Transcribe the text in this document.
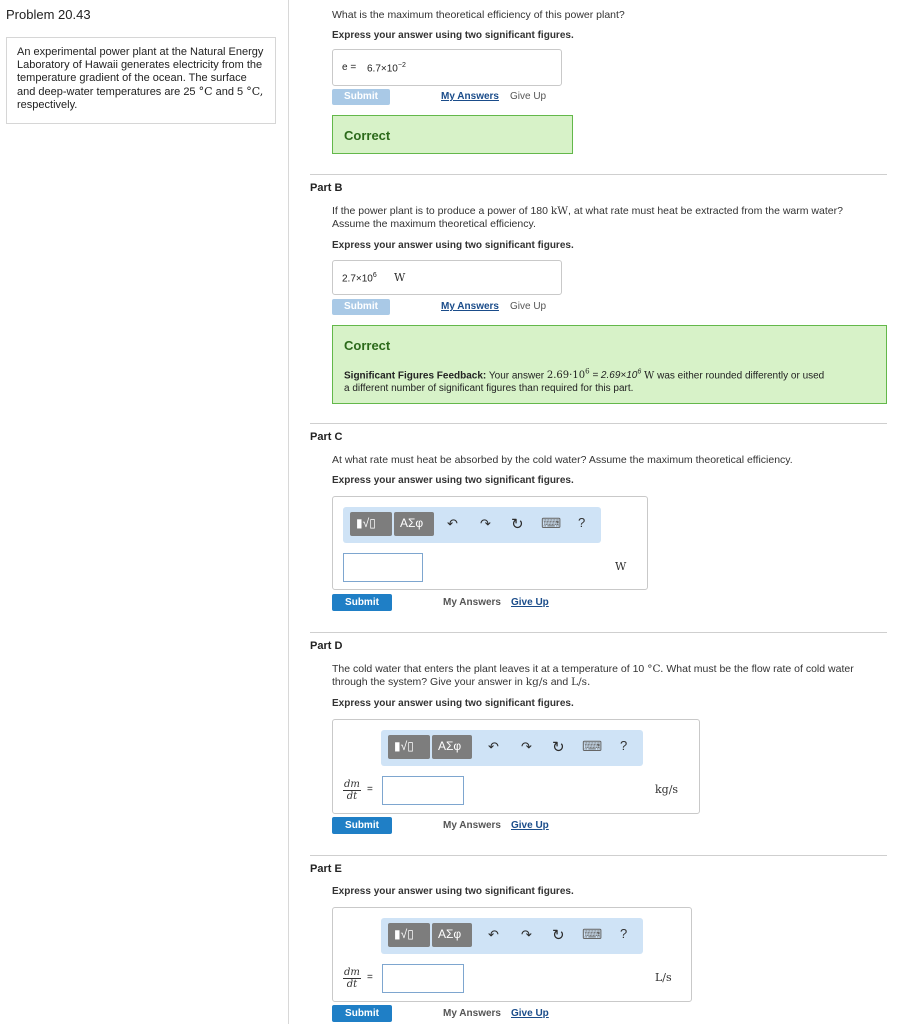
Problem 20.43
An experimental power plant at the Natural Energy Laboratory of Hawaii generates electricity from the temperature gradient of the ocean. The surface and deep-water temperatures are 25 °C and 5 °C, respectively.
What is the maximum theoretical efficiency of this power plant?
Express your answer using two significant figures.
$e = 6.7\times 10^{-2}$
Submit	My Answers Give Up
Correct
Part B
If the power plant is to produce a power of 180 kW, at what rate must heat be extracted from the warm water?
Assume the maximum theoretical efficiency.
Express your answer using two significant figures.
$2.7\times 10^6$ W
Submit	My Answers Give Up
Correct
Significant Figures Feedback: Your answer $2.69\cdot 10^6 = 2.69\times 10^6$ W was either rounded differently or used
a different number of significant figures than required for this part.
Part C
At what rate must heat be absorbed by the cold water? Assume the maximum theoretical efficiency.
Express your answer using two significant figures.
▮√▯ ΑΣφ ↶ ↷ ↻ ⌨ ?
W
Submit	My Answers Give Up
Part D
The cold water that enters the plant leaves it at a temperature of 10 °C. What must be the flow rate of cold water
through the system? Give your answer in kg/s and L/s.
Express your answer using two significant figures.
▮√▯ ΑΣφ ↶ ↷ ↻ ⌨ ?
dm
dt
=	kg/s
Submit	My Answers Give Up
Part E
Express your answer using two significant figures.
▮√▯ ΑΣφ ↶ ↷ ↻ ⌨ ?
dm
dt
=	L/s
Submit	My Answers Give Up
